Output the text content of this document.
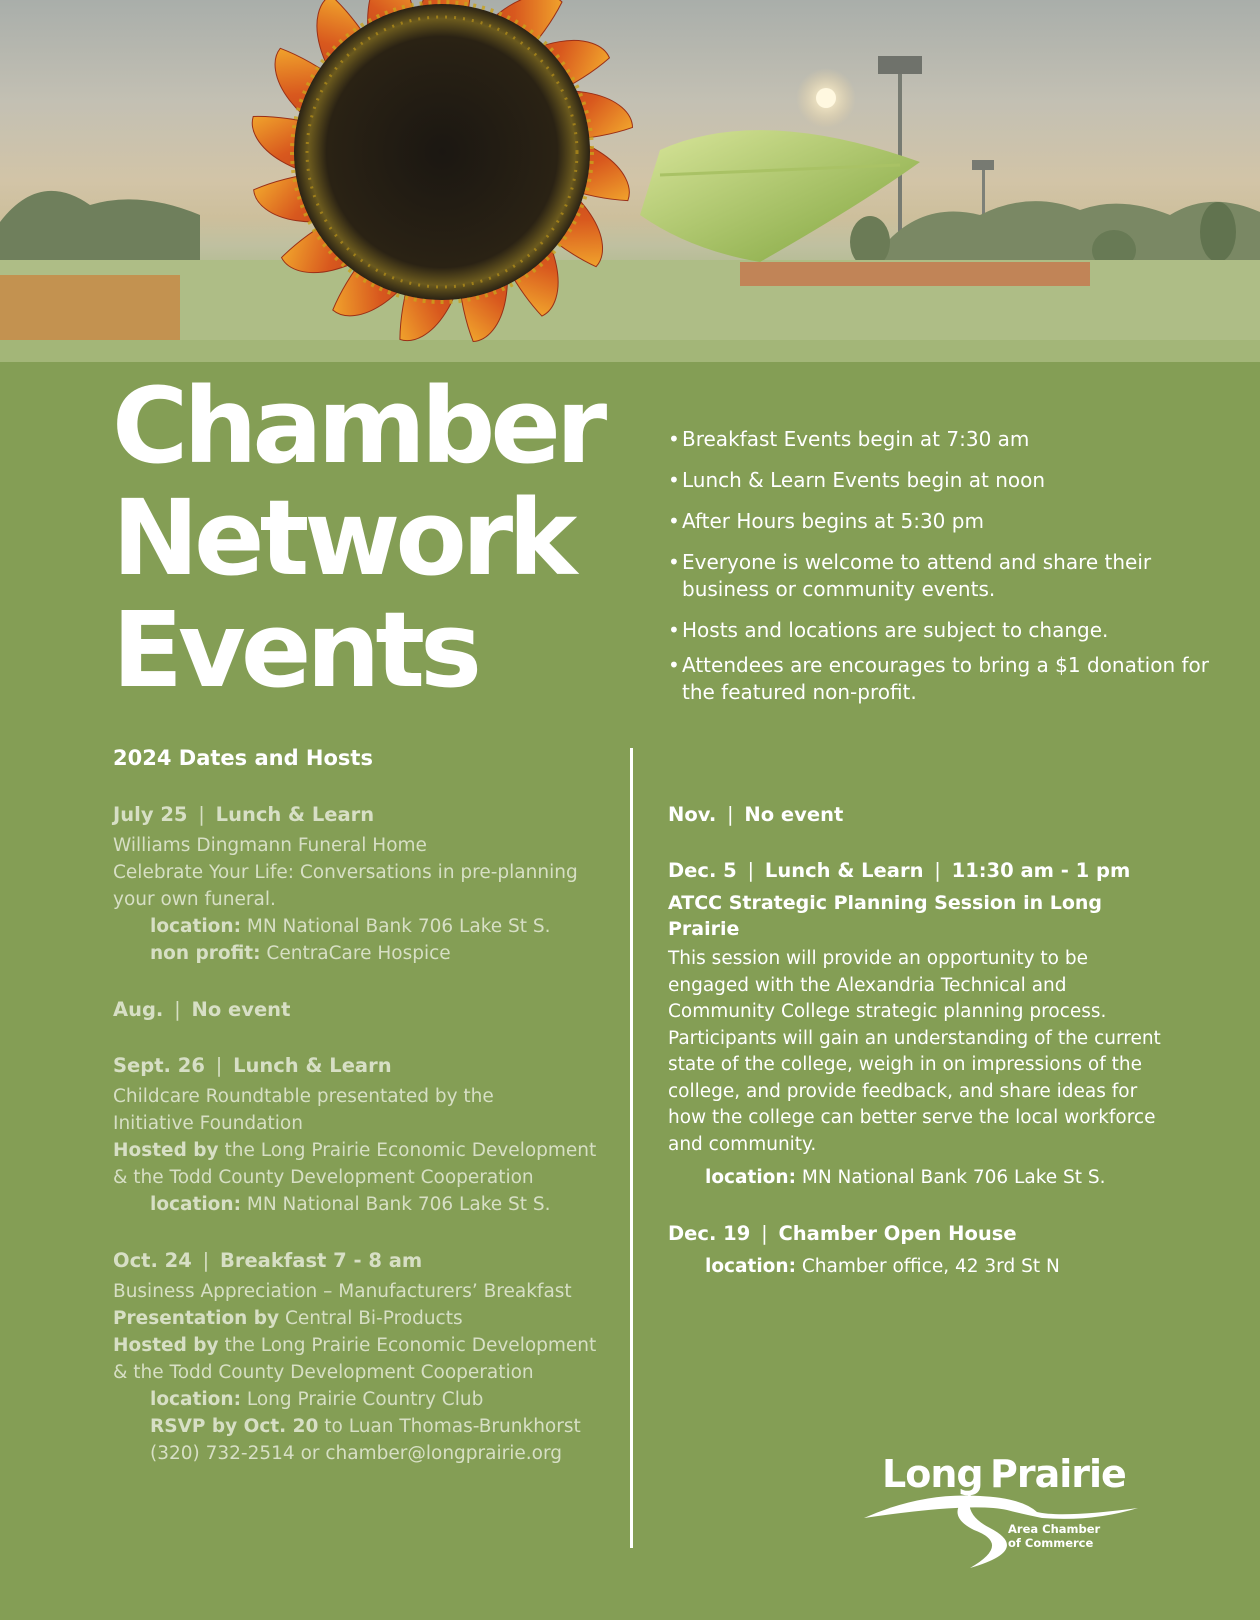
Chamber
Network
Events
• Breakfast Events begin at 7:30 am
• Lunch & Learn Events begin at noon
• After Hours begins at 5:30 pm
• Everyone is welcome to attend and share their business or community events.
• Hosts and locations are subject to change.
• Attendees are encourages to bring a $1 donation for the featured non-profit.
2024 Dates and Hosts
July 25 | Lunch & Learn
Williams Dingmann Funeral Home
Celebrate Your Life: Conversations in pre-planning
your own funeral.
location: MN National Bank 706 Lake St S.
non profit: CentraCare Hospice
Aug. | No event
Sept. 26 | Lunch & Learn
Childcare Roundtable presentated by the
Initiative Foundation
Hosted by the Long Prairie Economic Development
& the Todd County Development Cooperation
location: MN National Bank 706 Lake St S.
Oct. 24 | Breakfast 7 - 8 am
Business Appreciation – Manufacturers’ Breakfast
Presentation by Central Bi-Products
Hosted by the Long Prairie Economic Development
& the Todd County Development Cooperation
location: Long Prairie Country Club
RSVP by Oct. 20 to Luan Thomas-Brunkhorst
(320) 732-2514 or chamber@longprairie.org
Nov. | No event
Dec. 5 | Lunch & Learn | 11:30 am - 1 pm
ATCC Strategic Planning Session in Long Prairie
This session will provide an opportunity to be engaged with the Alexandria Technical and Community College strategic planning process. Participants will gain an understanding of the current state of the college, weigh in on impressions of the college, and provide feedback, and share ideas for how the college can better serve the local workforce and community.
location: MN National Bank 706 Lake St S.
Dec. 19 | Chamber Open House
location: Chamber office, 42 3rd St N
Long Prairie
Area Chamber
of Commerce
